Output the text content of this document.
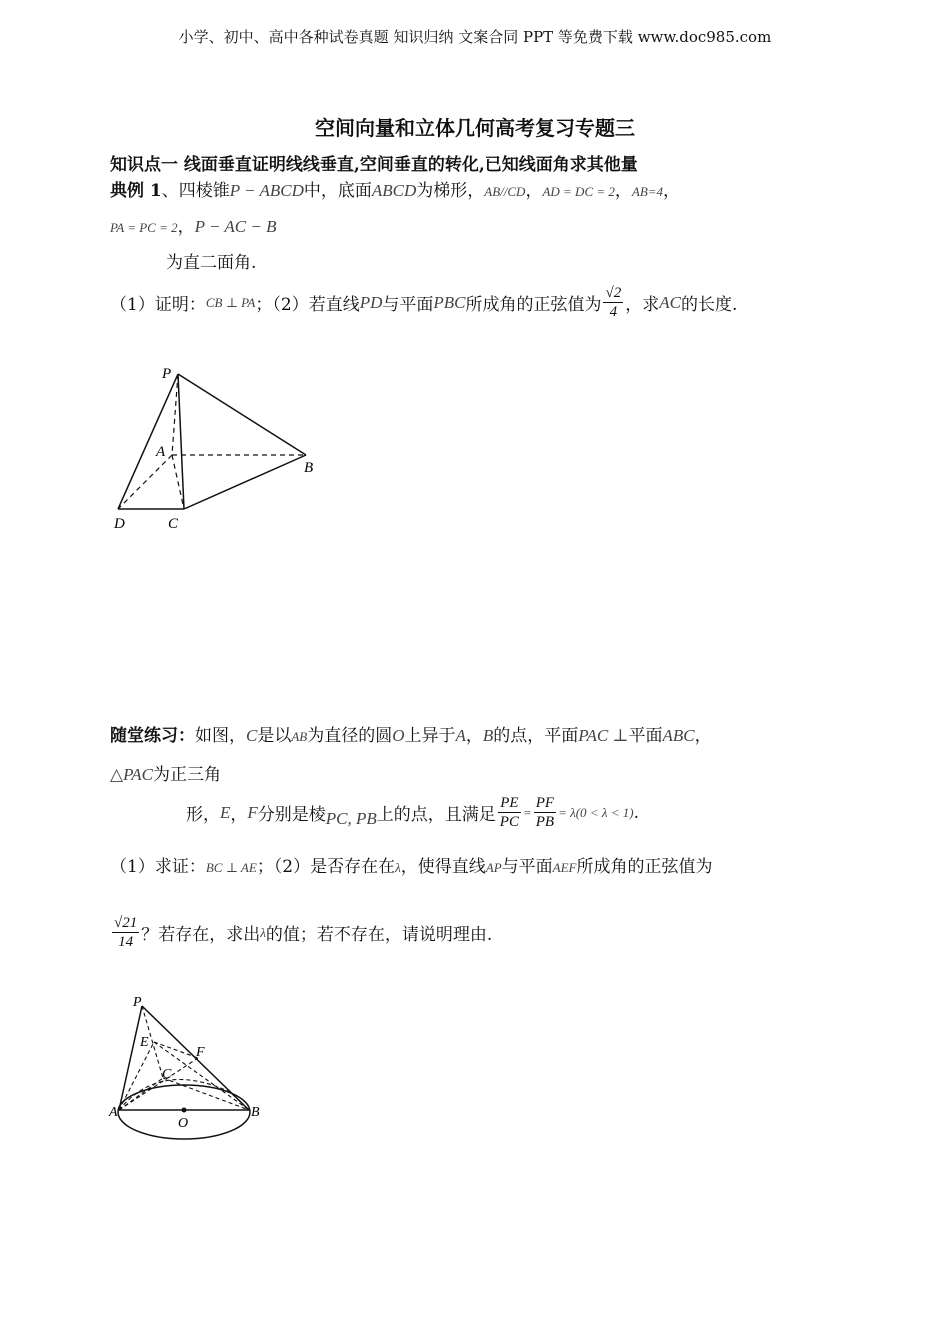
小学、初中、高中各种试卷真题 知识归纳 文案合同 PPT 等免费下载 www.doc985.com
空间向量和立体几何高考复习专题三
知识点一 线面垂直证明线线垂直,空间垂直的转化,已知线面角求其他量
典例 1、四棱锥P − ABCD中，底面ABCD为梯形，AB//CD，AD = DC = 2，AB=4，
PA = PC = 2，P − AC − B
为直二面角.
（1）证明： CB ⊥ PA ；（2）若直线 PD 与平面 PBC 所成角的正弦值为 $\frac{√2}{4}$ ，求 AC 的长度.
P
A
B
C
D
随堂练习：如图，C是以AB为直径的圆O上异于A，B的点，平面PAC ⊥平面ABC，
△PAC为正三角
形， E ， F 分别是棱 PC, PB 上的点，且满足 $\frac{PE}{PC} = \frac{PF}{PB} = \lambda(0 < \lambda < 1)$ .
（1）求证：BC ⊥ AE；（2）是否存在在λ，使得直线AP与平面AEF所成角的正弦值为
$\frac{√21}{14}$ ？若存在，求出 λ 的值；若不存在，请说明理由.
P
E
F
C
A
O
B
